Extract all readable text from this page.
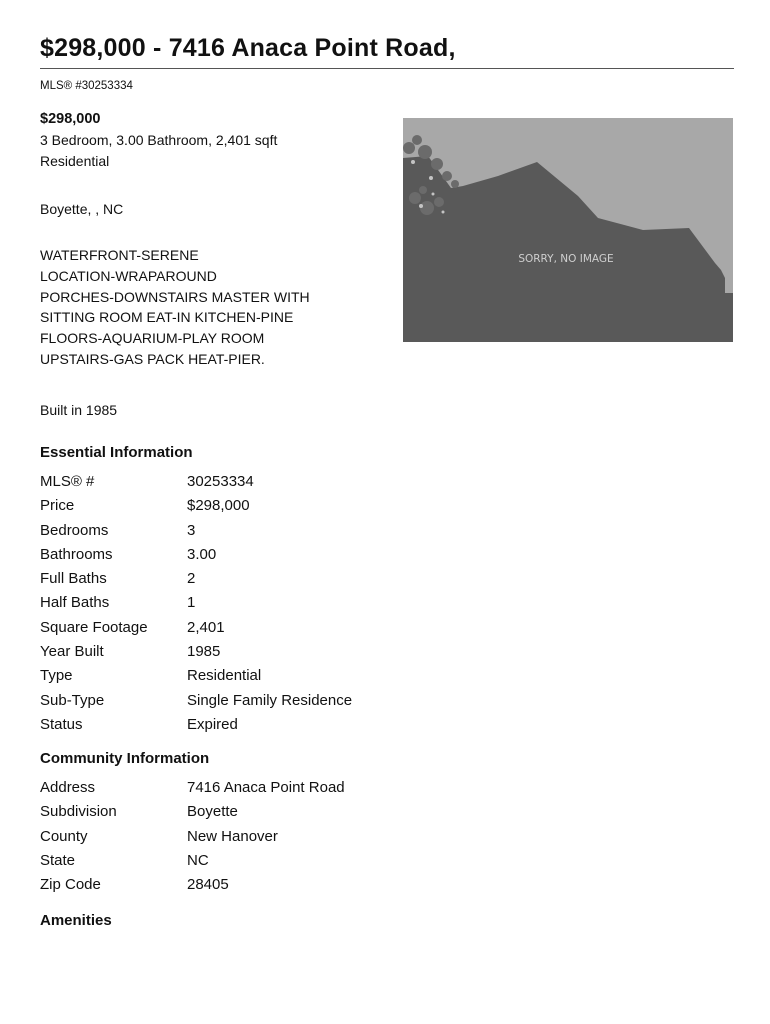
$298,000 - 7416 Anaca Point Road,
MLS® #30253334
$298,000
3 Bedroom, 3.00 Bathroom, 2,401 sqft
Residential
Boyette, , NC
WATERFRONT-SERENE
LOCATION-WRAPAROUND
PORCHES-DOWNSTAIRS MASTER WITH
SITTING ROOM EAT-IN KITCHEN-PINE
FLOORS-AQUARIUM-PLAY ROOM
UPSTAIRS-GAS PACK HEAT-PIER.
Built in 1985
SORRY, NO IMAGE
Essential Information
MLS® #	30253334
Price	$298,000
Bedrooms	3
Bathrooms	3.00
Full Baths	2
Half Baths	1
Square Footage	2,401
Year Built	1985
Type	Residential
Sub-Type	Single Family Residence
Status	Expired
Community Information
Address	7416 Anaca Point Road
Subdivision	Boyette
County	New Hanover
State	NC
Zip Code	28405
Amenities
